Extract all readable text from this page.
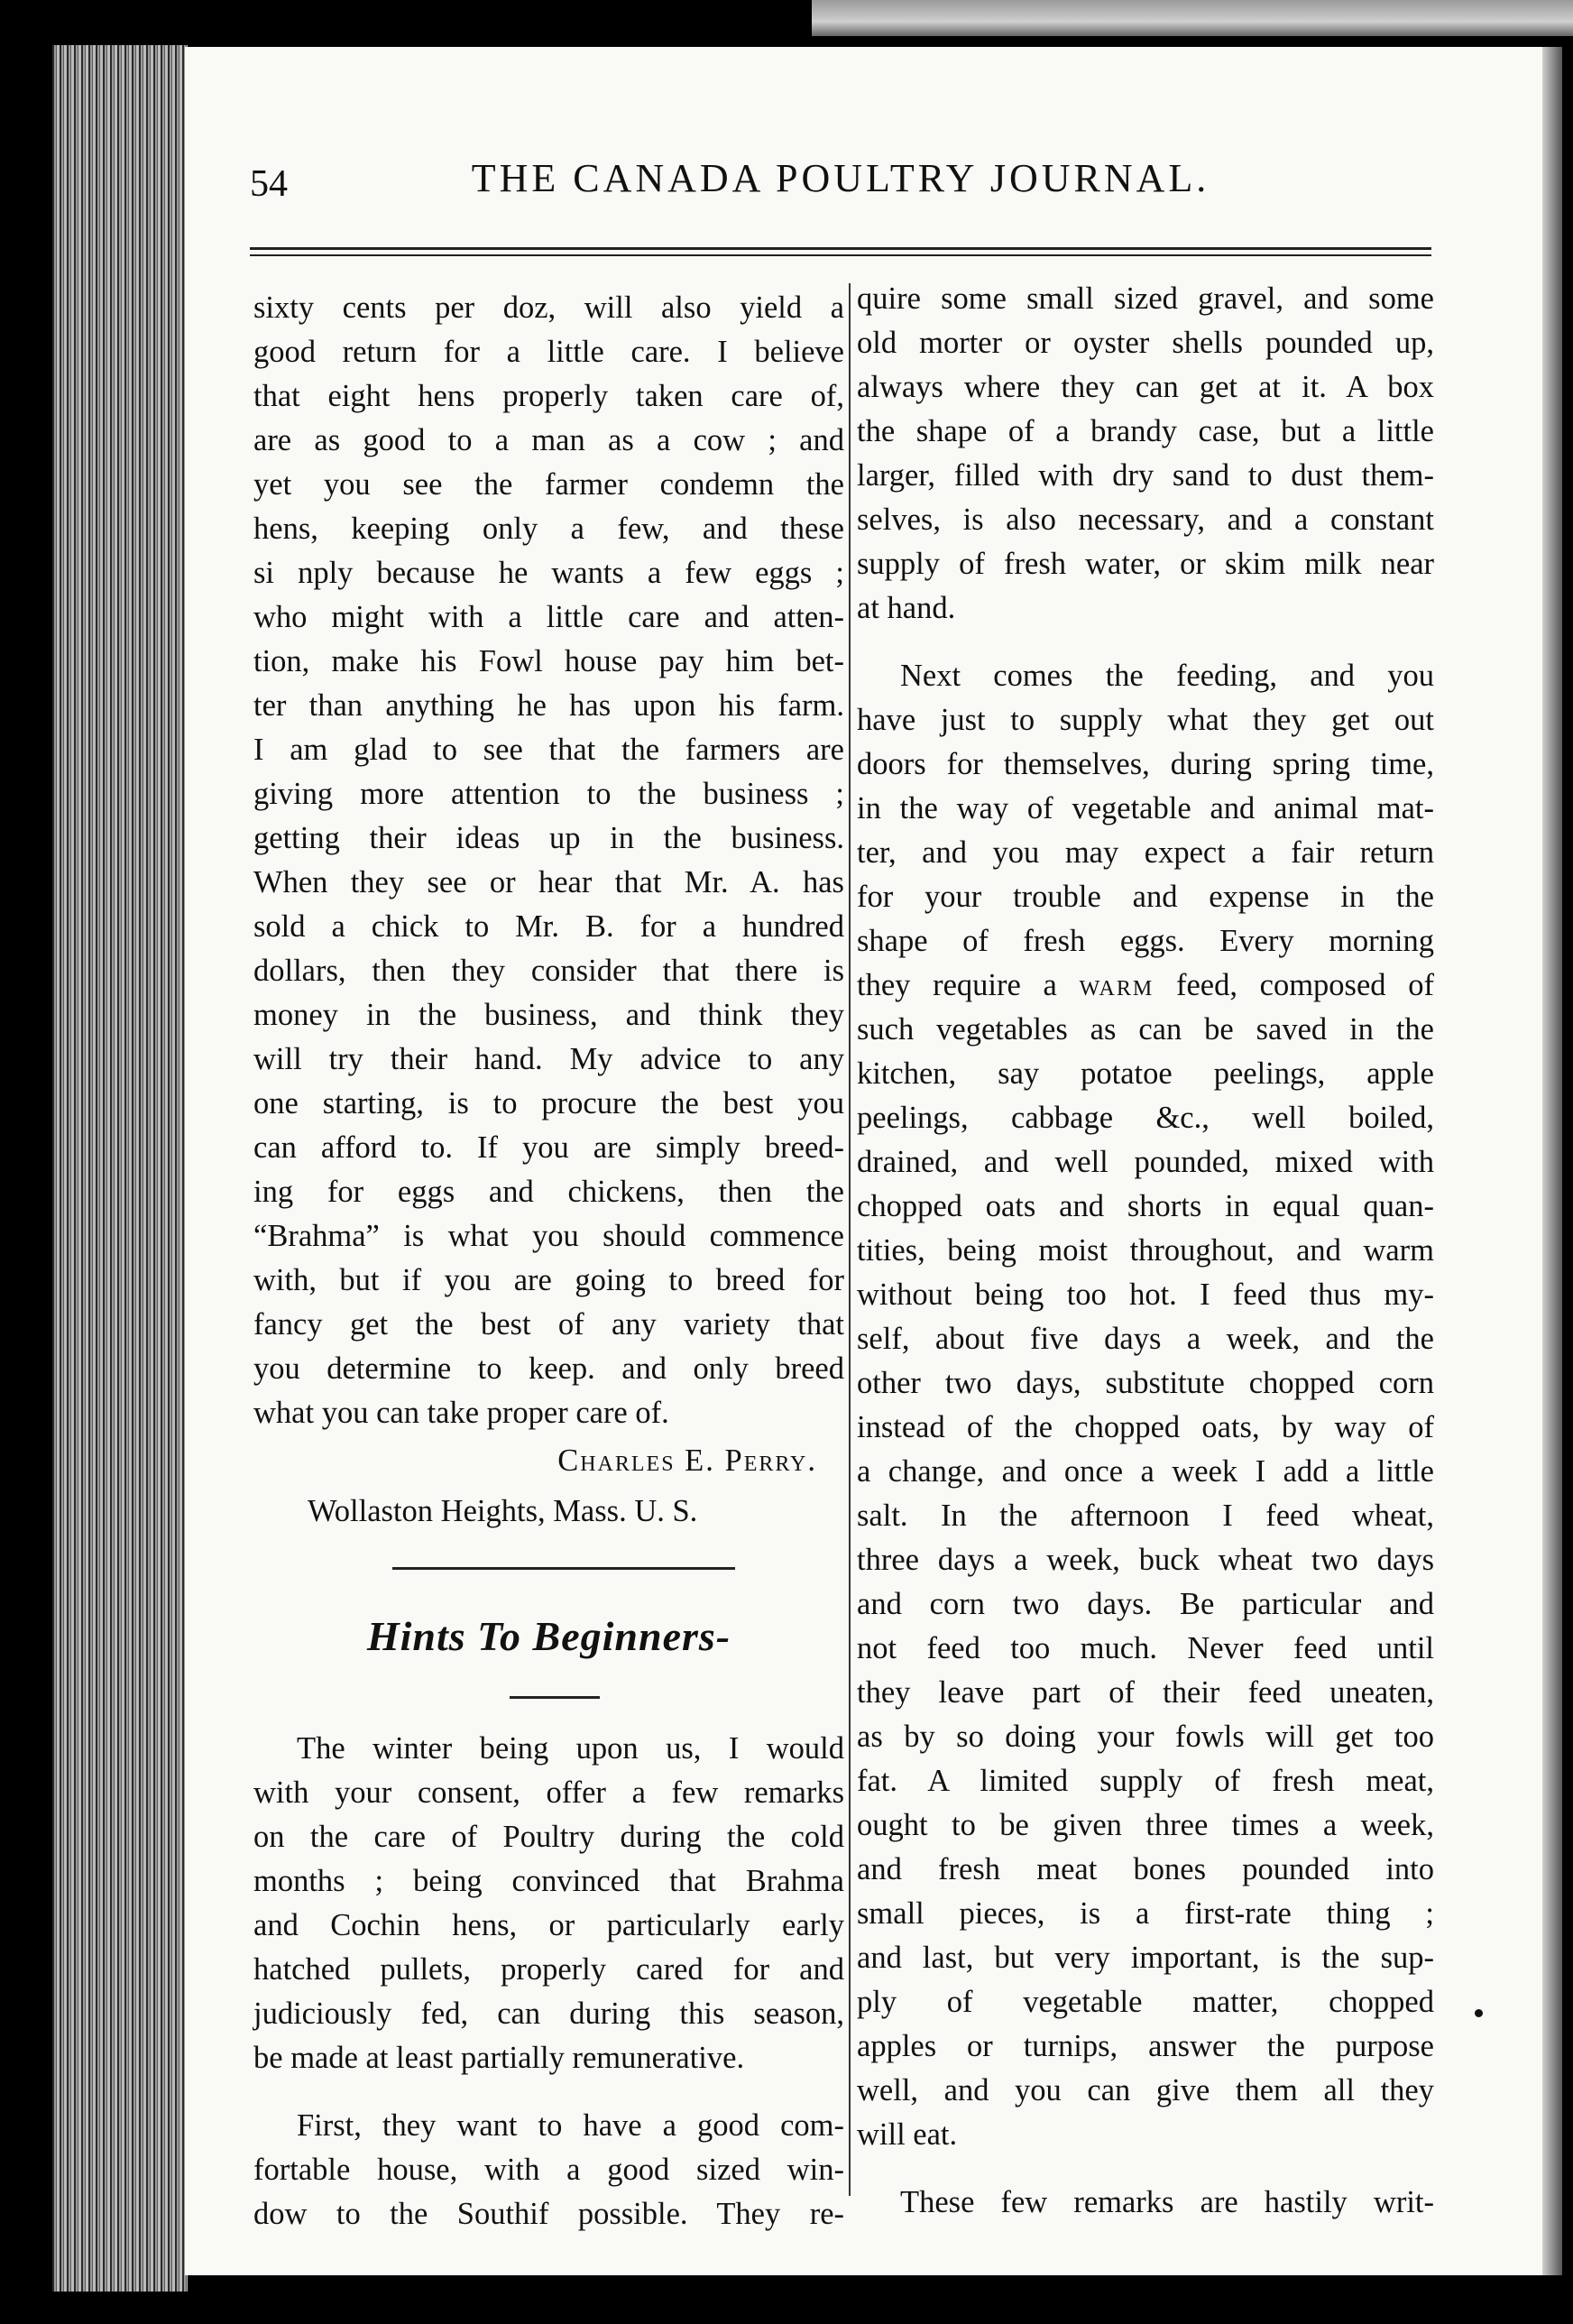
54	THE CANADA POULTRY JOURNAL.
sixty cents per doz, will also yield a
good return for a little care. I believe
that eight hens properly taken care of,
are as good to a man as a cow ; and
yet you see the farmer condemn the
hens, keeping only a few, and these
si nply because he wants a few eggs ;
who might with a little care and atten-
tion, make his Fowl house pay him bet-
ter than anything he has upon his farm.
I am glad to see that the farmers are
giving more attention to the business ;
getting their ideas up in the business.
When they see or hear that Mr. A. has
sold a chick to Mr. B. for a hundred
dollars, then they consider that there is
money in the business, and think they
will try their hand. My advice to any
one starting, is to procure the best you
can afford to. If you are simply breed-
ing for eggs and chickens, then the
“Brahma” is what you should commence
with, but if you are going to breed for
fancy get the best of any variety that
you determine to keep. and only breed
what you can take proper care of.
Charles E. Perry.
Wollaston Heights, Mass. U. S.
Hints To Beginners-
The winter being upon us, I would
with your consent, offer a few remarks
on the care of Poultry during the cold
months ; being convinced that Brahma
and Cochin hens, or particularly early
hatched pullets, properly cared for and
judiciously fed, can during this season,
be made at least partially remunerative.
First, they want to have a good com-
fortable house, with a good sized win-
dow to the Southif possible. They re-
quire some small sized gravel, and some
old morter or oyster shells pounded up,
always where they can get at it. A box
the shape of a brandy case, but a little
larger, filled with dry sand to dust them-
selves, is also necessary, and a constant
supply of fresh water, or skim milk near
at hand.
Next comes the feeding, and you
have just to supply what they get out
doors for themselves, during spring time,
in the way of vegetable and animal mat-
ter, and you may expect a fair return
for your trouble and expense in the
shape of fresh eggs. Every morning
they require a warm feed, composed of
such vegetables as can be saved in the
kitchen, say potatoe peelings, apple
peelings, cabbage &c., well boiled,
drained, and well pounded, mixed with
chopped oats and shorts in equal quan-
tities, being moist throughout, and warm
without being too hot. I feed thus my-
self, about five days a week, and the
other two days, substitute chopped corn
instead of the chopped oats, by way of
a change, and once a week I add a little
salt. In the afternoon I feed wheat,
three days a week, buck wheat two days
and corn two days. Be particular and
not feed too much. Never feed until
they leave part of their feed uneaten,
as by so doing your fowls will get too
fat. A limited supply of fresh meat,
ought to be given three times a week,
and fresh meat bones pounded into
small pieces, is a first-rate thing ;
and last, but very important, is the sup-
ply of vegetable matter, chopped
apples or turnips, answer the purpose
well, and you can give them all they
will eat.
These few remarks are hastily writ-
